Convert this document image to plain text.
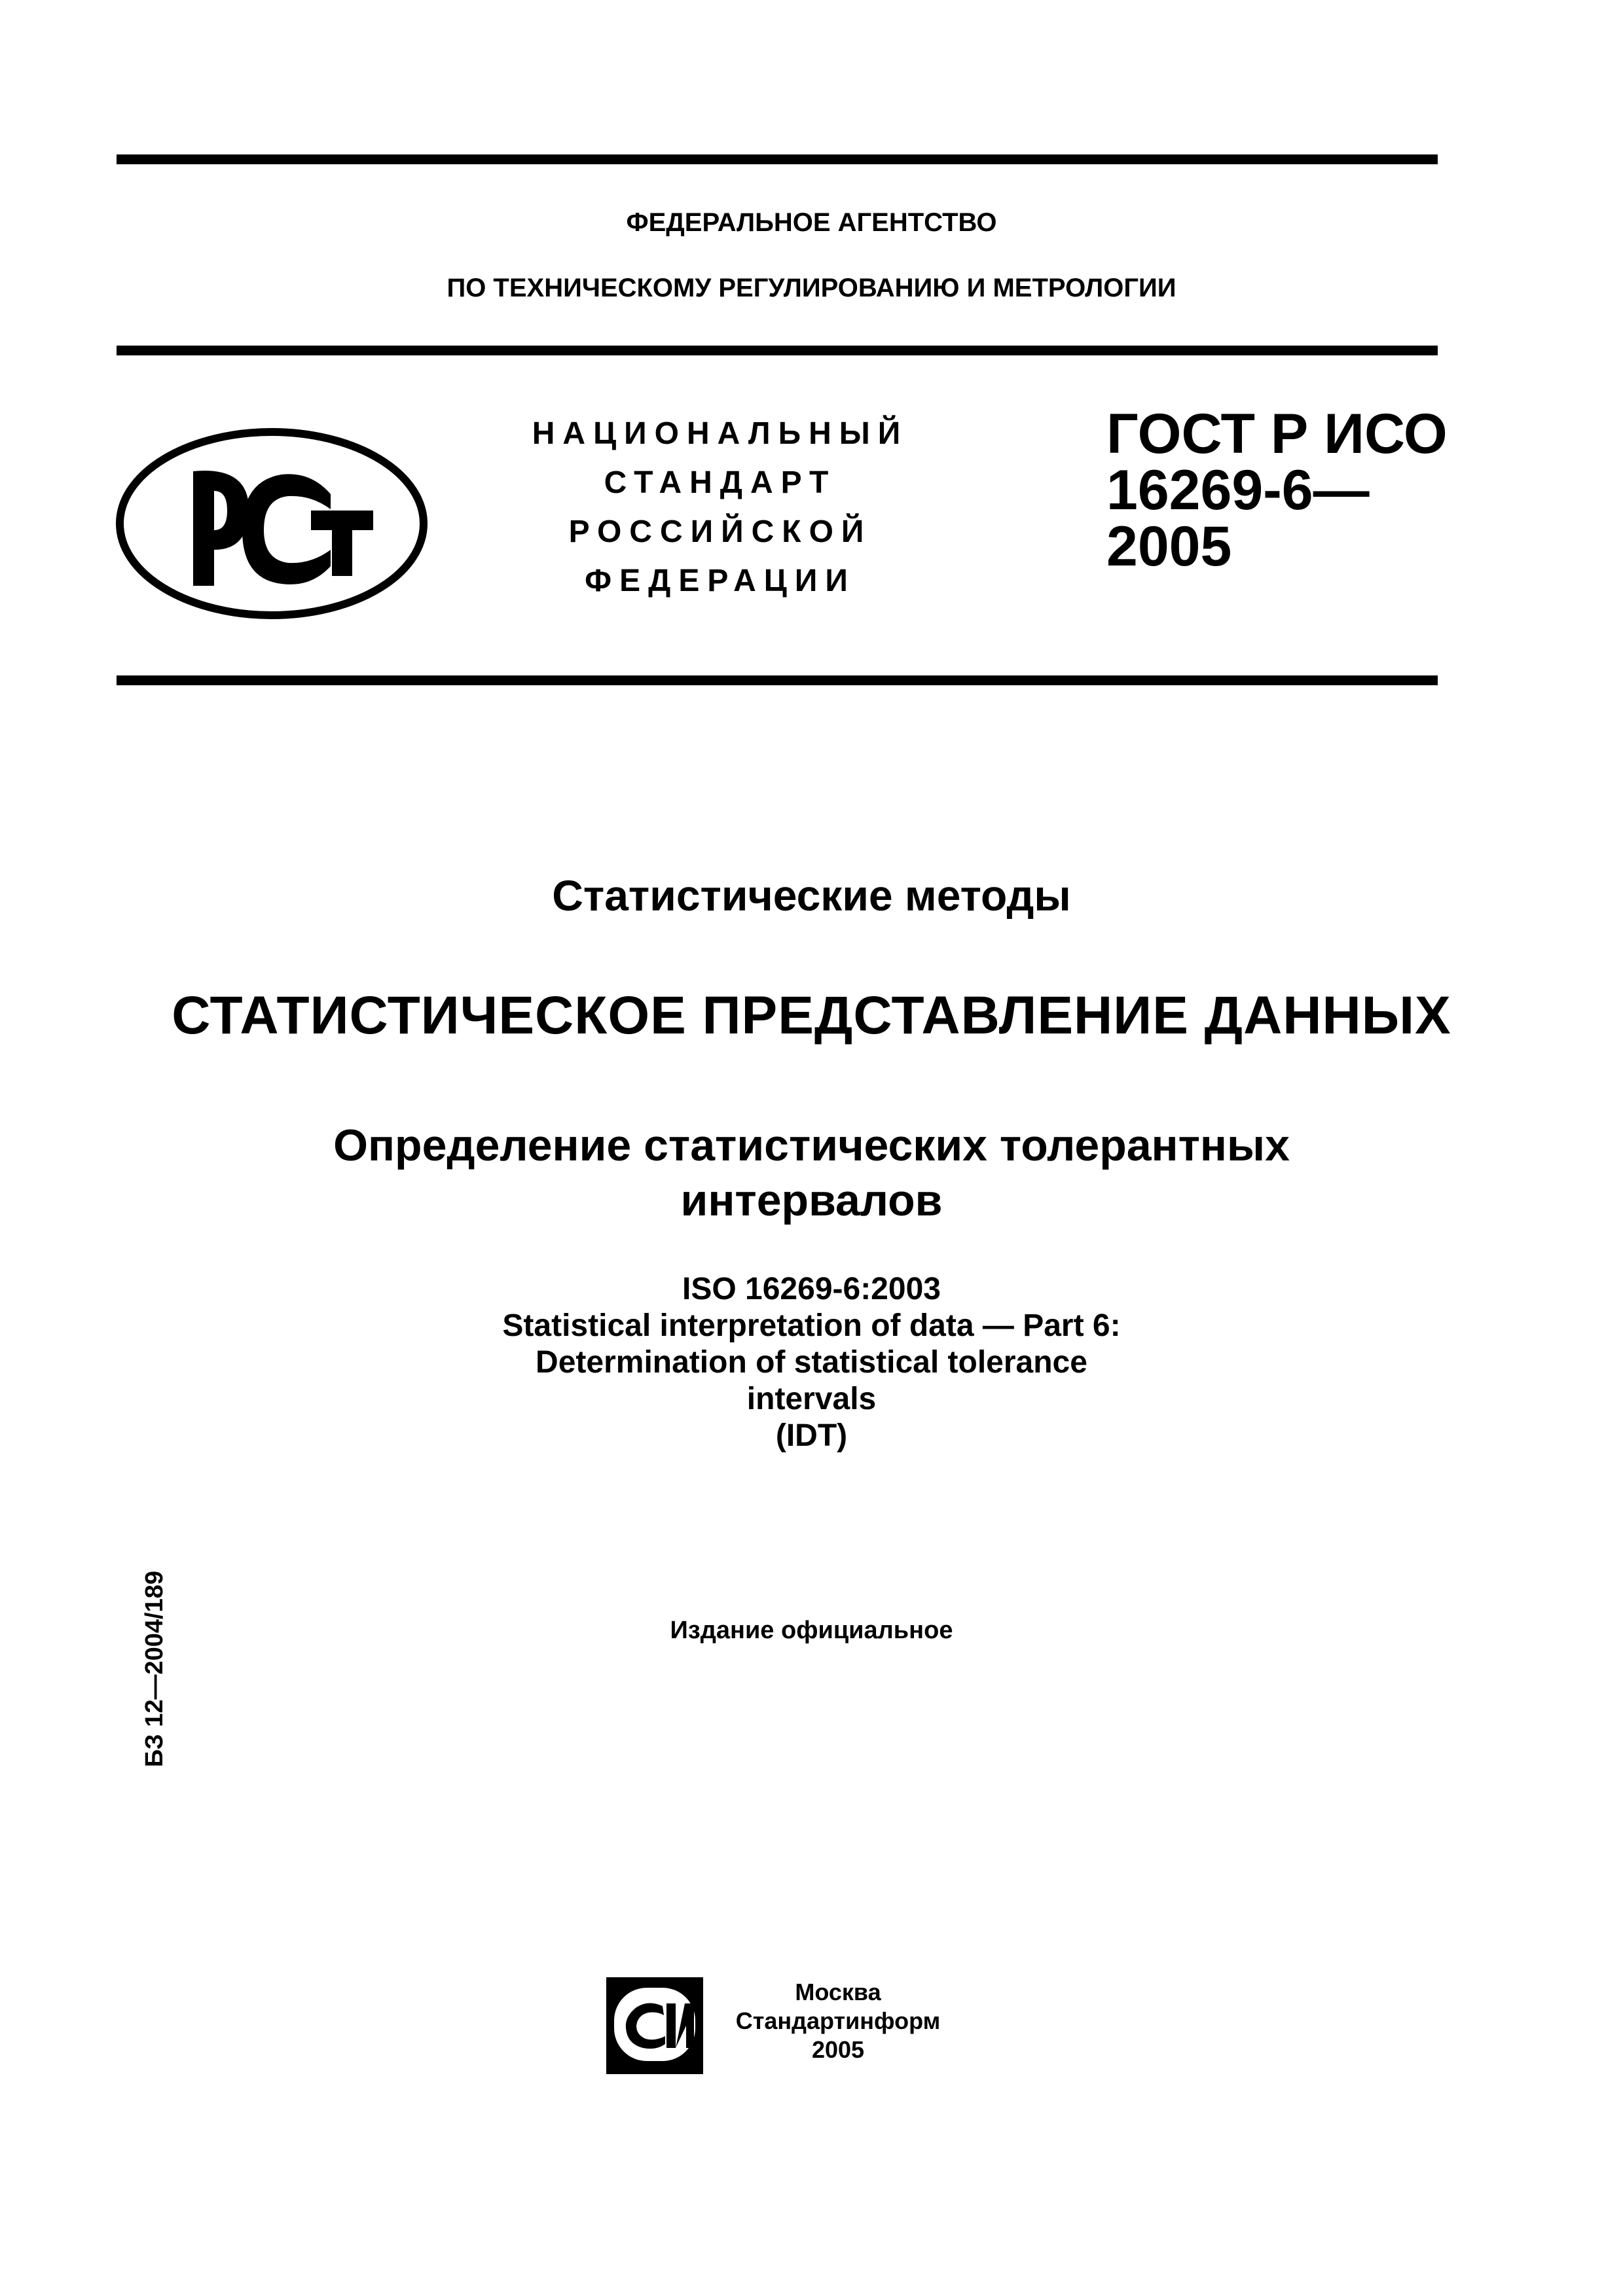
ФЕДЕРАЛЬНОЕ АГЕНТСТВО
ПО ТЕХНИЧЕСКОМУ РЕГУЛИРОВАНИЮ И МЕТРОЛОГИИ
НАЦИОНАЛЬНЫЙ
СТАНДАРТ
РОССИЙСКОЙ
ФЕДЕРАЦИИ
ГОСТ Р ИСО
16269-6—
2005
Статистические методы
СТАТИСТИЧЕСКОЕ ПРЕДСТАВЛЕНИЕ ДАННЫХ
Определение статистических толерантных
интервалов
ISO 16269-6:2003
Statistical interpretation of data — Part 6:
Determination of statistical tolerance
intervals
(IDT)
Издание официальное
БЗ 12—2004/189
Москва
Стандартинформ
2005
